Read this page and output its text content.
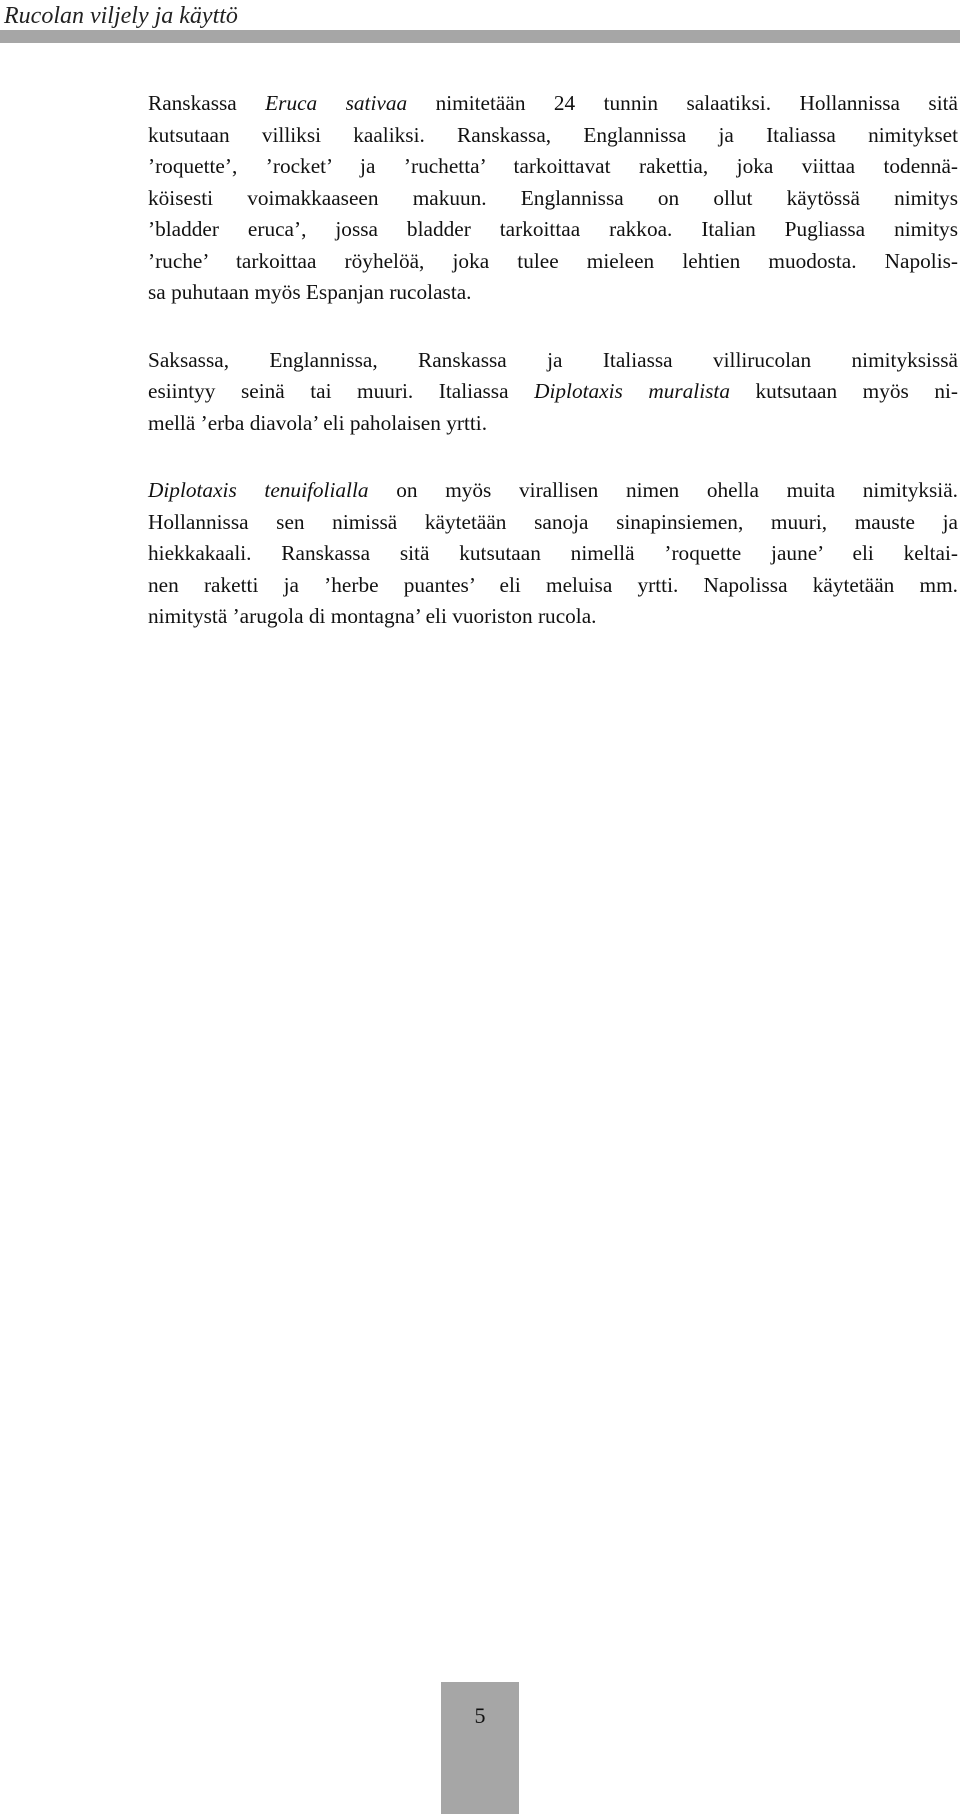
Rucolan viljely ja käyttö

Ranskassa Eruca sativaa nimitetään 24 tunnin salaatiksi. Hollannissa sitä
kutsutaan villiksi kaaliksi. Ranskassa, Englannissa ja Italiassa nimitykset
’roquette’, ’rocket’ ja ’ruchetta’ tarkoittavat rakettia, joka viittaa todennä-
köisesti voimakkaaseen makuun. Englannissa on ollut käytössä nimitys
’bladder eruca’, jossa bladder tarkoittaa rakkoa. Italian Pugliassa nimitys
’ruche’ tarkoittaa röyhelöä, joka tulee mieleen lehtien muodosta. Napolis-
sa puhutaan myös Espanjan rucolasta.

Saksassa, Englannissa, Ranskassa ja Italiassa villirucolan nimityksissä
esiintyy seinä tai muuri. Italiassa Diplotaxis muralista kutsutaan myös ni-
mellä ’erba diavola’ eli paholaisen yrtti.

Diplotaxis tenuifolialla on myös virallisen nimen ohella muita nimityksiä.
Hollannissa sen nimissä käytetään sanoja sinapinsiemen, muuri, mauste ja
hiekkakaali. Ranskassa sitä kutsutaan nimellä ’roquette jaune’ eli keltai-
nen raketti ja ’herbe puantes’ eli meluisa yrtti. Napolissa käytetään mm.
nimitystä ’arugola di montagna’ eli vuoriston rucola.

5
